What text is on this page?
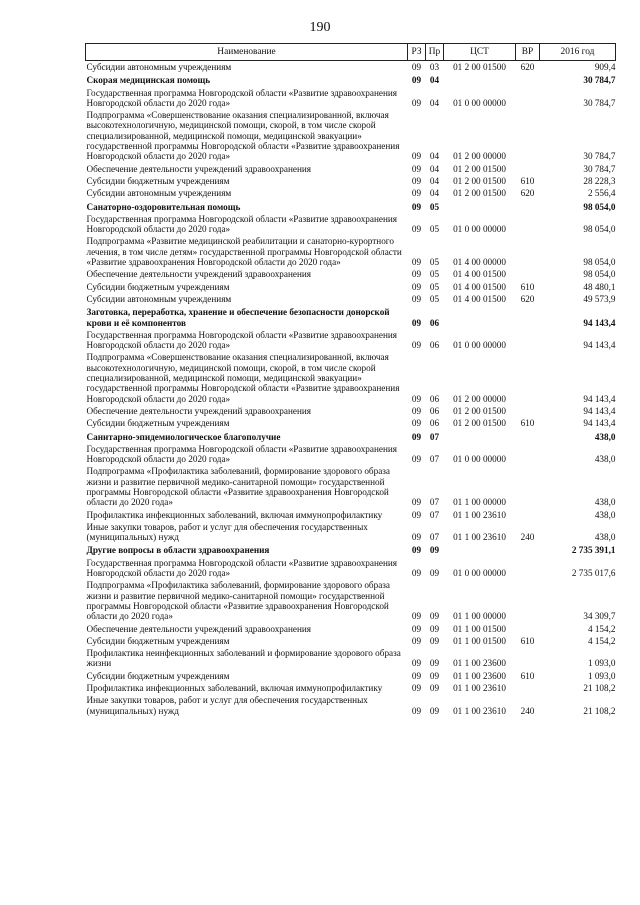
190
Наименование	РЗ	Пр	ЦСТ	ВР	2016 год
Субсидии автономным учреждениям	09	03	01 2 00 01500	620	909,4
Скорая медицинская помощь	09	04			30 784,7
Государственная программа Новгородской области «Развитие здравоохранения Новгородской области до 2020 года»	09	04	01 0 00 00000		30 784,7
Подпрограмма «Совершенствование оказания специализированной, включая высокотехнологичную, медицинской помощи, скорой, в том числе скорой специализированной, медицинской помощи, медицинской эвакуации» государственной программы Новгородской области «Развитие здравоохранения Новгородской области до 2020 года»	09	04	01 2 00 00000		30 784,7
Обеспечение деятельности учреждений здравоохранения	09	04	01 2 00 01500		30 784,7
Субсидии бюджетным учреждениям	09	04	01 2 00 01500	610	28 228,3
Субсидии автономным учреждениям	09	04	01 2 00 01500	620	2 556,4
Санаторно-оздоровительная помощь	09	05			98 054,0
Государственная программа Новгородской области «Развитие здравоохранения Новгородской области до 2020 года»	09	05	01 0 00 00000		98 054,0
Подпрограмма «Развитие медицинской реабилитации и санаторно-курортного лечения, в том числе детям» государственной программы Новгородской области «Развитие здравоохранения Новгородской области до 2020 года»	09	05	01 4 00 00000		98 054,0
Обеспечение деятельности учреждений здравоохранения	09	05	01 4 00 01500		98 054,0
Субсидии бюджетным учреждениям	09	05	01 4 00 01500	610	48 480,1
Субсидии автономным учреждениям	09	05	01 4 00 01500	620	49 573,9
Заготовка, переработка, хранение и обеспечение безопасности донорской крови и её компонентов	09	06			94 143,4
Государственная программа Новгородской области «Развитие здравоохранения Новгородской области до 2020 года»	09	06	01 0 00 00000		94 143,4
Подпрограмма «Совершенствование оказания специализированной, включая высокотехнологичную, медицинской помощи, скорой, в том числе скорой специализированной, медицинской помощи, медицинской эвакуации» государственной программы Новгородской области «Развитие здравоохранения Новгородской области до 2020 года»	09	06	01 2 00 00000		94 143,4
Обеспечение деятельности учреждений здравоохранения	09	06	01 2 00 01500		94 143,4
Субсидии бюджетным учреждениям	09	06	01 2 00 01500	610	94 143,4
Санитарно-эпидемиологическое благополучие	09	07			438,0
Государственная программа Новгородской области «Развитие здравоохранения Новгородской области до 2020 года»	09	07	01 0 00 00000		438,0
Подпрограмма «Профилактика заболеваний, формирование здорового образа жизни и развитие первичной медико-санитарной помощи» государственной программы Новгородской области «Развитие здравоохранения Новгородской области до 2020 года»	09	07	01 1 00 00000		438,0
Профилактика инфекционных заболеваний, включая иммунопрофилактику	09	07	01 1 00 23610		438,0
Иные закупки товаров, работ и услуг для обеспечения государственных (муниципальных) нужд	09	07	01 1 00 23610	240	438,0
Другие вопросы в области здравоохранения	09	09			2 735 391,1
Государственная программа Новгородской области «Развитие здравоохранения Новгородской области до 2020 года»	09	09	01 0 00 00000		2 735 017,6
Подпрограмма «Профилактика заболеваний, формирование здорового образа жизни и развитие первичной медико-санитарной помощи» государственной программы Новгородской области «Развитие здравоохранения Новгородской области до 2020 года»	09	09	01 1 00 00000		34 309,7
Обеспечение деятельности учреждений здравоохранения	09	09	01 1 00 01500		4 154,2
Субсидии бюджетным учреждениям	09	09	01 1 00 01500	610	4 154,2
Профилактика неинфекционных заболеваний и формирование здорового образа жизни	09	09	01 1 00 23600		1 093,0
Субсидии бюджетным учреждениям	09	09	01 1 00 23600	610	1 093,0
Профилактика инфекционных заболеваний, включая иммунопрофилактику	09	09	01 1 00 23610		21 108,2
Иные закупки товаров, работ и услуг для обеспечения государственных (муниципальных) нужд	09	09	01 1 00 23610	240	21 108,2
